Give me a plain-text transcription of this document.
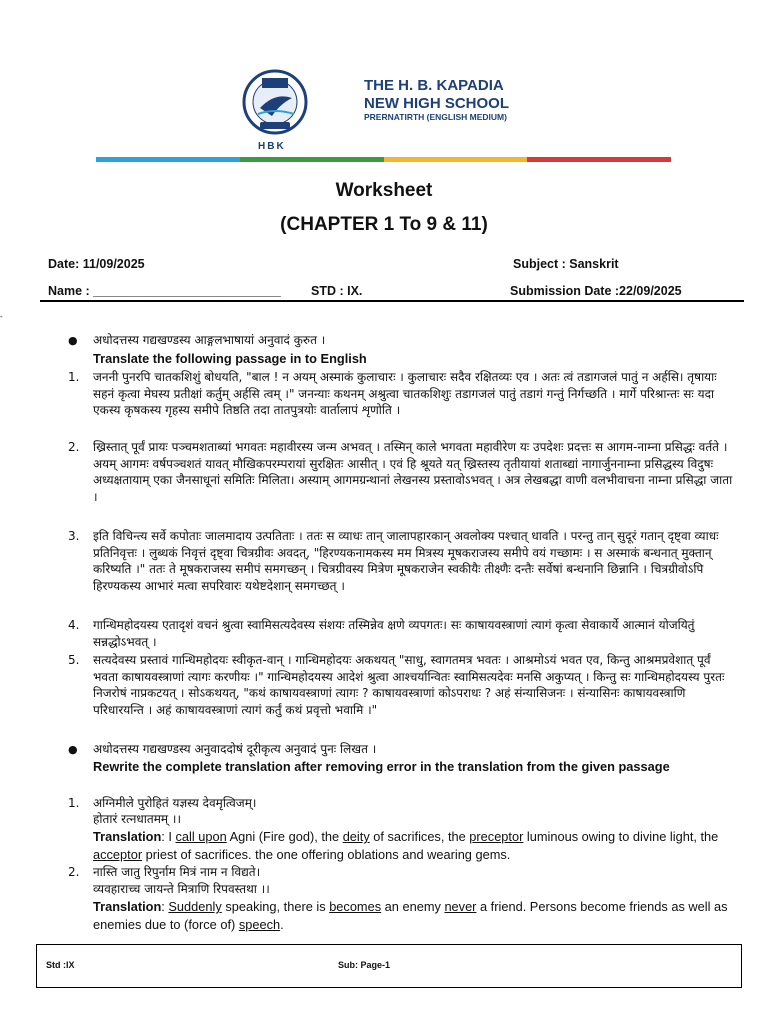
THE H. B. KAPADIA
NEW HIGH SCHOOL
PRERNATIRTH (ENGLISH MEDIUM)
HBK
Worksheet
(CHAPTER 1 To 9 & 11)
Date: 11/09/2025	Subject : Sanskrit
Name : ___________________________ STD : IX.	Submission Date :22/09/2025
-
● अधोदत्तस्य गद्यखण्डस्य आङ्गलभाषायां अनुवादं कुरुत ।
Translate the following passage in to English
1. जननी पुनरपि चातकशिशुं बोधयति, "बाल ! न अयम् अस्माकं कुलाचारः । कुलाचारः सदैव रक्षितव्यः एव । अतः त्वं तडागजलं पातुं न अर्हसि। तृषायाः सहनं कृत्वा मेघस्य प्रतीक्षां कर्तुम् अर्हसि त्वम् ।" जनन्याः कथनम् अश्रुत्वा चातकशिशुः तडागजलं पातुं तडागं गन्तुं निर्गच्छति । मार्गे परिश्रान्तः सः यदा एकस्य कृषकस्य गृहस्य समीपे तिष्ठति तदा तातपुत्रयोः वार्तालापं शृणोति ।
2. ख्रिस्तात् पूर्वं प्रायः पञ्चमशताब्यां भगवतः महावीरस्य जन्म अभवत् । तस्मिन् काले भगवता महावीरेण यः उपदेशः प्रदत्तः स आगम-नाम्ना प्रसिद्धः वर्तते । अयम् आगमः वर्षपञ्चशतं यावत् मौखिकपरम्परायां सुरक्षितः आसीत् । एवं हि श्रूयते यत् ख्रिस्तस्य तृतीयायां शताब्द्यां नागार्जुननाम्ना प्रसिद्धस्य विदुषः अध्यक्षतायाम् एका जैनसाधूनां समितिः मिलिता। अस्याम् आगमग्रन्थानां लेखनस्य प्रस्तावोऽभवत् । अत्र लेखबद्धा वाणी वलभीवाचना नाम्ना प्रसिद्धा जाता ।
3. इति विचिन्त्य सर्वे कपोताः जालमादाय उत्पतिताः । ततः स व्याधः तान् जालापहारकान् अवलोक्य पश्चात् धावति । परन्तु तान् सुदूरं गतान् दृष्ट्वा व्याधः प्रतिनिवृत्तः । लुब्धकं निवृत्तं दृष्ट्वा चित्रग्रीवः अवदत्, "हिरण्यकनामकस्य मम मित्रस्य मूषकराजस्य समीपे वयं गच्छामः । स अस्माकं बन्धनात् मुक्तान् करिष्यति ।" ततः ते मूषकराजस्य समीपं समगच्छन् । चित्रग्रीवस्य मित्रेण मूषकराजेन स्वकीयैः तीक्ष्णैः दन्तैः सर्वेषां बन्धनानि छिन्नानि । चित्रग्रीवोऽपि हिरण्यकस्य आभारं मत्वा सपरिवारः यथेष्टदेशान् समगच्छत् ।
4. गान्धिमहोदयस्य एतादृशं वचनं श्रुत्वा स्वामिसत्यदेवस्य संशयः तस्मिन्नेव क्षणे व्यपगतः। सः काषायवस्त्राणां त्यागं कृत्वा सेवाकार्ये आत्मानं योजयितुं सन्नद्धोऽभवत् ।
5. सत्यदेवस्य प्रस्तावं गान्धिमहोदयः स्वीकृत-वान् । गान्धिमहोदयः अकथयत् "साधु, स्वागतमत्र भवतः । आश्रमोऽयं भवत एव, किन्तु आश्रमप्रवेशात् पूर्वं भवता काषायवस्त्राणां त्यागः करणीयः ।" गान्धिमहोदयस्य आदेशं श्रुत्वा आश्चर्यान्वितः स्वामिसत्यदेवः मनसि अकुप्यत् । किन्तु सः गान्धिमहोदयस्य पुरतः निजरोषं नाप्रकटयत् । सोऽकथयत्, "कथं काषायवस्त्राणां त्यागः ? काषायवस्त्राणां कोऽपराधः ? अहं संन्यासिजनः । संन्यासिनः काषायवस्त्राणि परिधारयन्ति । अहं काषायवस्त्राणां त्यागं कर्तुं कथं प्रवृत्तो भवामि ।"
● अधोदत्तस्य गद्यखण्डस्य अनुवाददोषं दूरीकृत्य अनुवादं पुनः लिखत ।
Rewrite the complete translation after removing error in the translation from the given passage
1. अग्निमीले पुरोहितं यज्ञस्य देवमृत्विजम्।
होतारं रत्नधातमम् ।।
Translation: I call upon Agni (Fire god), the deity of sacrifices, the preceptor luminous owing to divine light, the acceptor priest of sacrifices. the one offering oblations and wearing gems.
2. नास्ति जातु रिपुर्नाम मित्रं नाम न विद्यते।
व्यवहाराच्च जायन्ते मित्राणि रिपवस्तथा ।।
Translation: Suddenly speaking, there is becomes an enemy never a friend. Persons become friends as well as enemies due to (force of) speech.
Std :IX	Sub: Page-1
